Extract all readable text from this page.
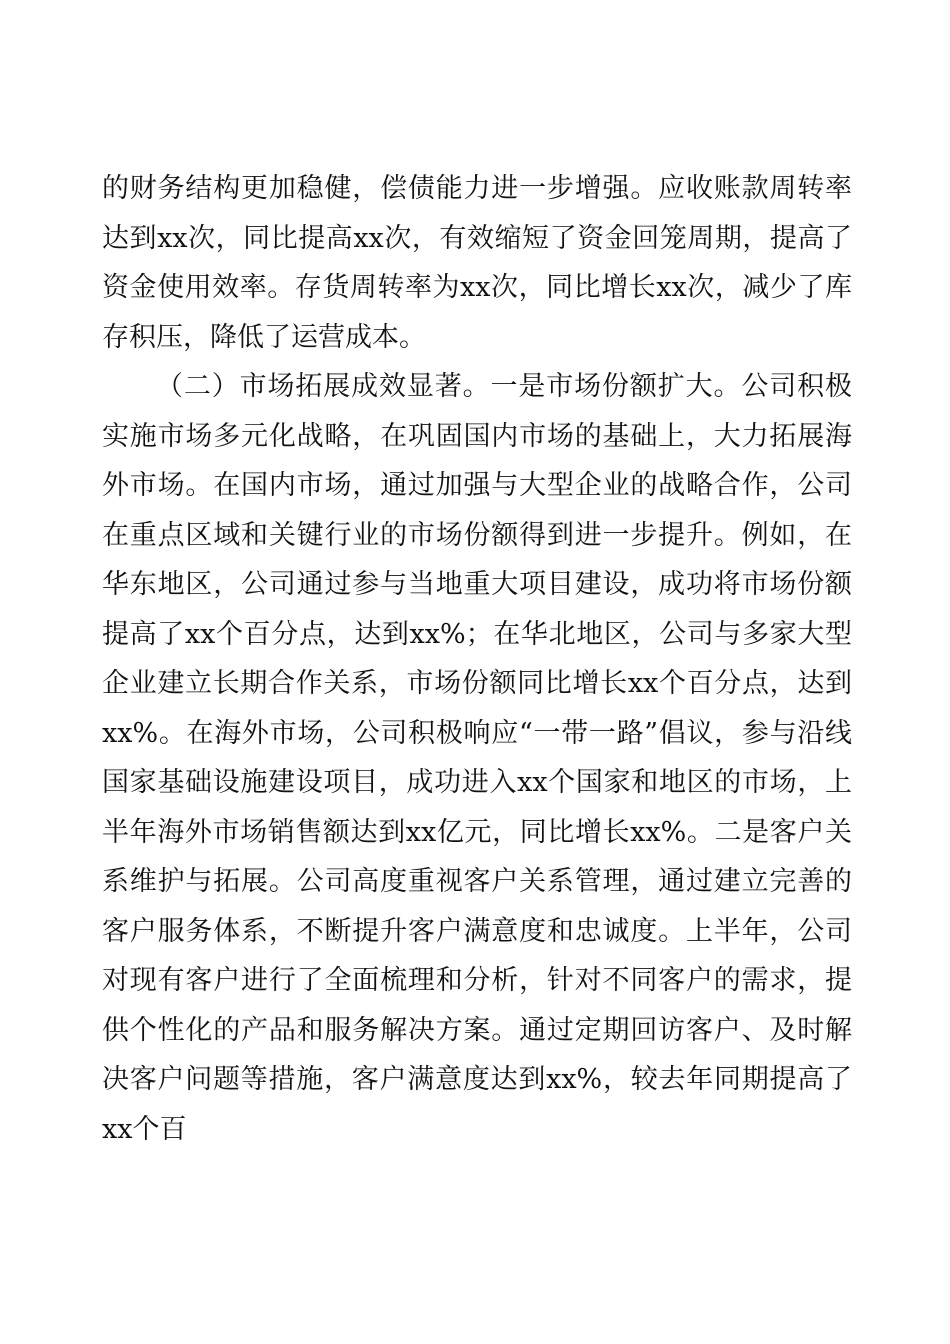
的财务结构更加稳健，偿债能力进一步增强。应收账款周转率达到xx次，同比提高xx次，有效缩短了资金回笼周期，提高了资金使用效率。存货周转率为xx次，同比增长xx次，减少了库存积压，降低了运营成本。

（二）市场拓展成效显著。一是市场份额扩大。公司积极实施市场多元化战略，在巩固国内市场的基础上，大力拓展海外市场。在国内市场，通过加强与大型企业的战略合作，公司在重点区域和关键行业的市场份额得到进一步提升。例如，在华东地区，公司通过参与当地重大项目建设，成功将市场份额提高了xx个百分点，达到xx%；在华北地区，公司与多家大型企业建立长期合作关系，市场份额同比增长xx个百分点，达到xx%。在海外市场，公司积极响应“一带一路”倡议，参与沿线国家基础设施建设项目，成功进入xx个国家和地区的市场，上半年海外市场销售额达到xx亿元，同比增长xx%。二是客户关系维护与拓展。公司高度重视客户关系管理，通过建立完善的客户服务体系，不断提升客户满意度和忠诚度。上半年，公司对现有客户进行了全面梳理和分析，针对不同客户的需求，提供个性化的产品和服务解决方案。通过定期回访客户、及时解决客户问题等措施，客户满意度达到xx%，较去年同期提高了xx个百
